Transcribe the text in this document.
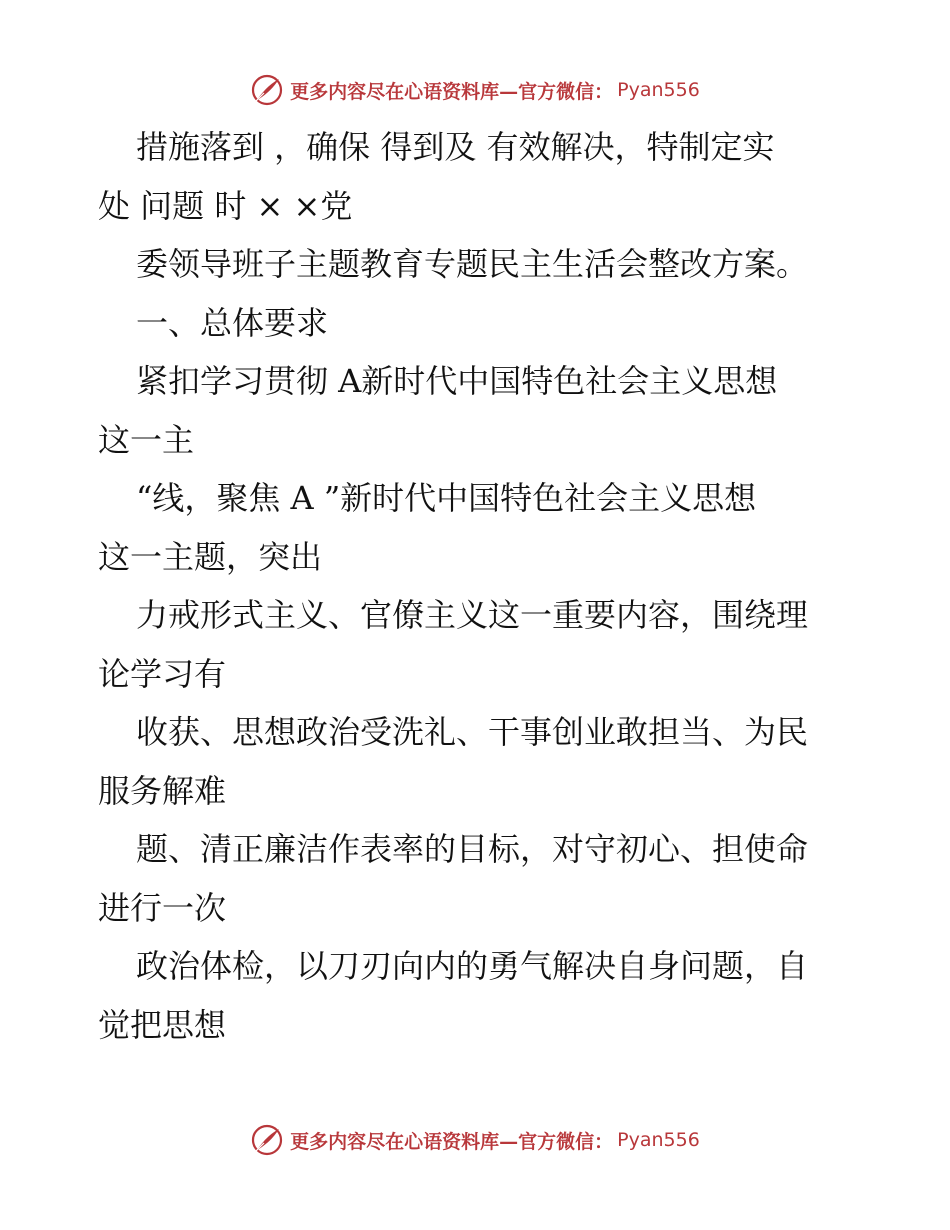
更多内容尽在心语资料库—官方微信： Pyan556
措施落到 ，确保 得到及 有效解决，特制定实
处 问题 时 × ×党
委领导班子主题教育专题民主生活会整改方案。
一、总体要求
紧扣学习贯彻 A新时代中国特色社会主义思想
这一主
“线，聚焦 A ”新时代中国特色社会主义思想
这一主题，突出
力戒形式主义、官僚主义这一重要内容，围绕理
论学习有
收获、思想政治受洗礼、干事创业敢担当、为民
服务解难
题、清正廉洁作表率的目标，对守初心、担使命
进行一次
政治体检，以刀刃向内的勇气解决自身问题，自
觉把思想
更多内容尽在心语资料库—官方微信： Pyan556
